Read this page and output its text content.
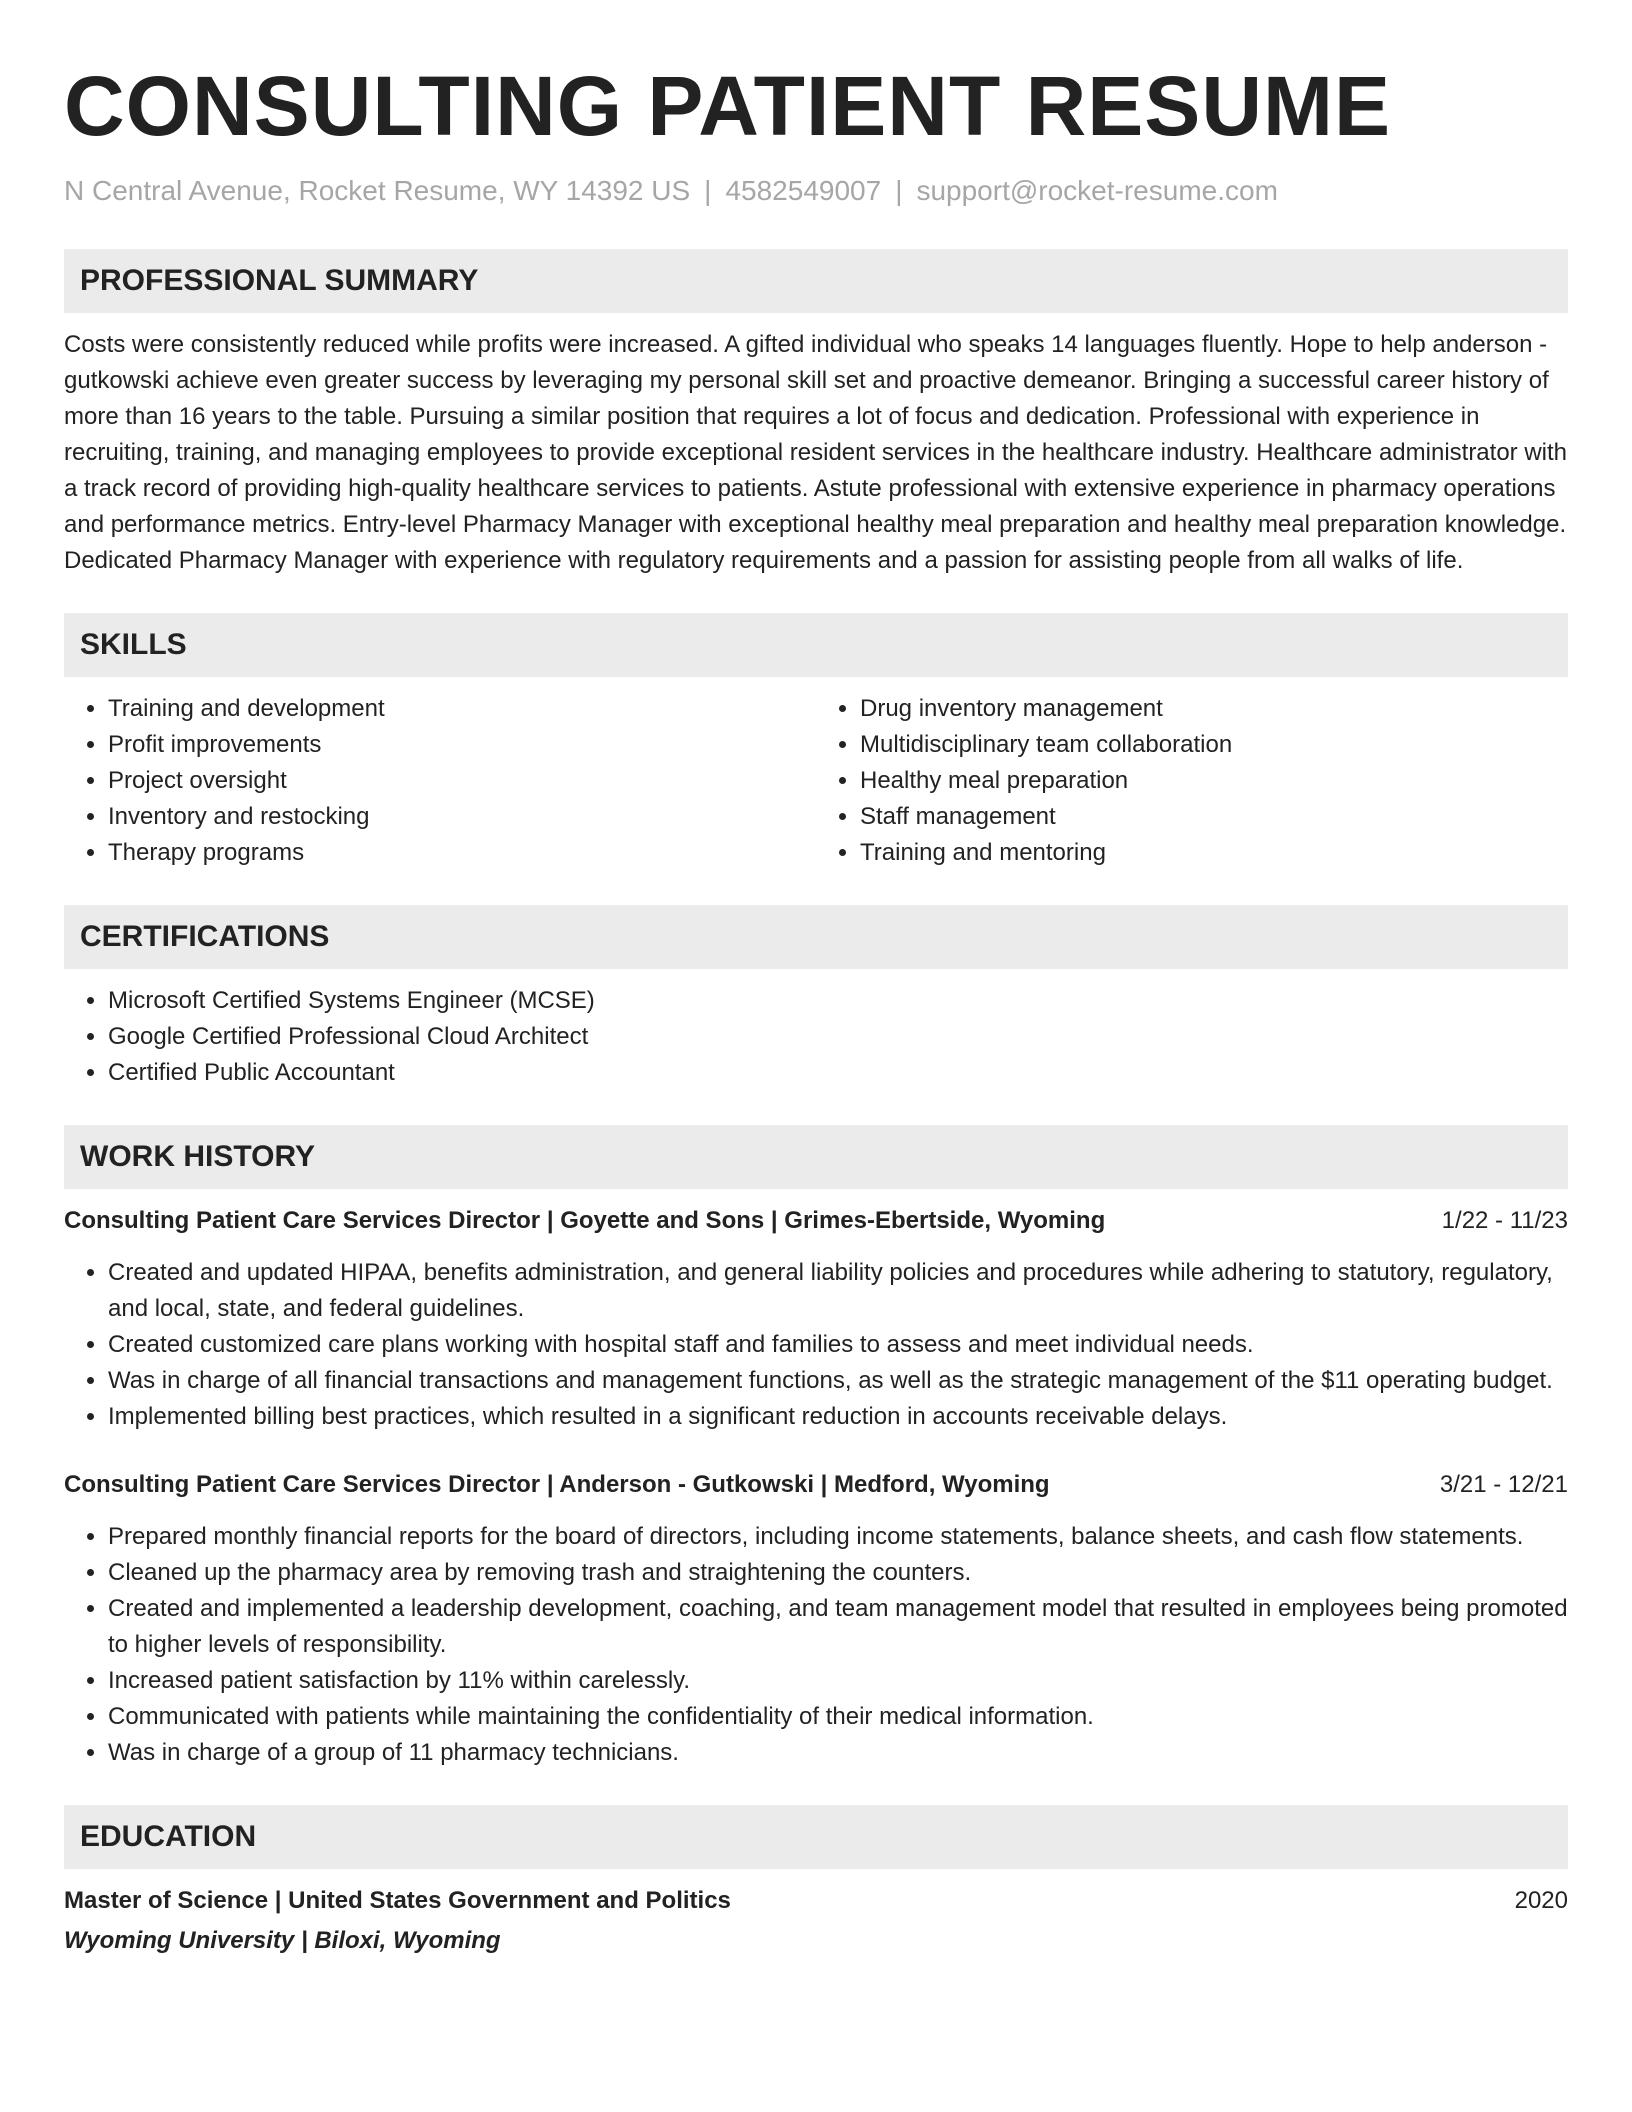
CONSULTING PATIENT RESUME
N Central Avenue, Rocket Resume, WY 14392 US | 4582549007 | support@rocket-resume.com
PROFESSIONAL SUMMARY

Costs were consistently reduced while profits were increased. A gifted individual who speaks 14 languages fluently. Hope to help anderson - gutkowski achieve even greater success by leveraging my personal skill set and proactive demeanor. Bringing a successful career history of more than 16 years to the table. Pursuing a similar position that requires a lot of focus and dedication. Professional with experience in recruiting, training, and managing employees to provide exceptional resident services in the healthcare industry. Healthcare administrator with a track record of providing high-quality healthcare services to patients. Astute professional with extensive experience in pharmacy operations and performance metrics. Entry-level Pharmacy Manager with exceptional healthy meal preparation and healthy meal preparation knowledge. Dedicated Pharmacy Manager with experience with regulatory requirements and a passion for assisting people from all walks of life.

SKILLS
• Training and development
• Profit improvements
• Project oversight
• Inventory and restocking
• Therapy programs
• Drug inventory management
• Multidisciplinary team collaboration
• Healthy meal preparation
• Staff management
• Training and mentoring
CERTIFICATIONS
• Microsoft Certified Systems Engineer (MCSE)
• Google Certified Professional Cloud Architect
• Certified Public Accountant
WORK HISTORY
Consulting Patient Care Services Director | Goyette and Sons | Grimes-Ebertside, Wyoming	1/22 - 11/23
• Created and updated HIPAA, benefits administration, and general liability policies and procedures while adhering to statutory, regulatory, and local, state, and federal guidelines.
• Created customized care plans working with hospital staff and families to assess and meet individual needs.
• Was in charge of all financial transactions and management functions, as well as the strategic management of the $11 operating budget.
• Implemented billing best practices, which resulted in a significant reduction in accounts receivable delays.
Consulting Patient Care Services Director | Anderson - Gutkowski | Medford, Wyoming	3/21 - 12/21
• Prepared monthly financial reports for the board of directors, including income statements, balance sheets, and cash flow statements.
• Cleaned up the pharmacy area by removing trash and straightening the counters.
• Created and implemented a leadership development, coaching, and team management model that resulted in employees being promoted to higher levels of responsibility.
• Increased patient satisfaction by 11% within carelessly.
• Communicated with patients while maintaining the confidentiality of their medical information.
• Was in charge of a group of 11 pharmacy technicians.
EDUCATION
Master of Science | United States Government and Politics	2020
Wyoming University | Biloxi, Wyoming
